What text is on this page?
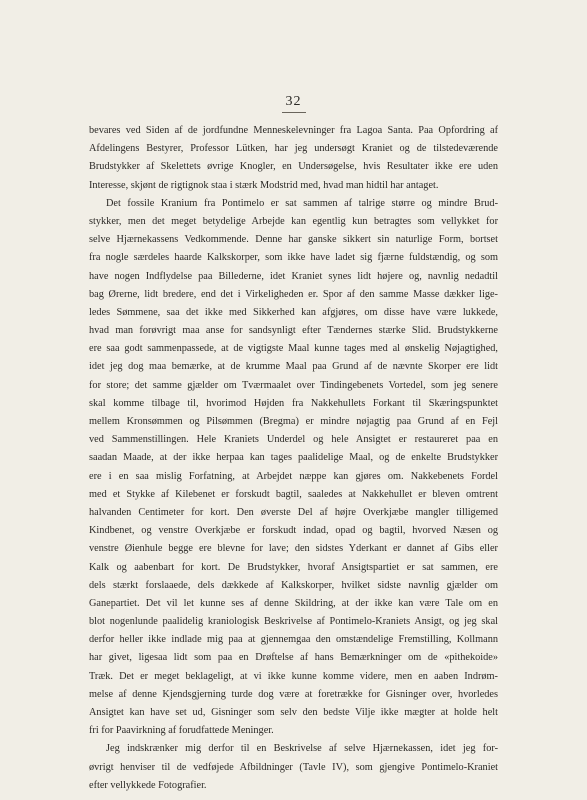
32
bevares ved Siden af de jordfundne Menneskelevninger fra Lagoa Santa. Paa Opfordring af
Afdelingens Bestyrer, Professor Lütken, har jeg undersøgt Kraniet og de tilstedeværende
Brudstykker af Skelettets øvrige Knogler, en Undersøgelse, hvis Resultater ikke ere uden
Interesse, skjønt de rigtignok staa i stærk Modstrid med, hvad man hidtil har antaget.
Det fossile Kranium fra Pontimelo er sat sammen af talrige større og mindre Brud-
stykker, men det meget betydelige Arbejde kan egentlig kun betragtes som vellykket for
selve Hjærnekassens Vedkommende. Denne har ganske sikkert sin naturlige Form, bortset
fra nogle særdeles haarde Kalkskorper, som ikke have ladet sig fjærne fuldstændig, og som
have nogen Indflydelse paa Billederne, idet Kraniet synes lidt højere og, navnlig nedadtil
bag Ørerne, lidt bredere, end det i Virkeligheden er. Spor af den samme Masse dækker lige-
ledes Sømmene, saa det ikke med Sikkerhed kan afgjøres, om disse have være lukkede,
hvad man forøvrigt maa anse for sandsynligt efter Tændernes stærke Slid. Brudstykkerne
ere saa godt sammenpassede, at de vigtigste Maal kunne tages med al ønskelig Nøjagtighed,
idet jeg dog maa bemærke, at de krumme Maal paa Grund af de nævnte Skorper ere lidt
for store; det samme gjælder om Tværmaalet over Tindingebenets Vortedel, som jeg senere
skal komme tilbage til, hvorimod Højden fra Nakkehullets Forkant til Skæringspunktet
mellem Kronsømmen og Pilsømmen (Bregma) er mindre nøjagtig paa Grund af en Fejl
ved Sammenstillingen. Hele Kraniets Underdel og hele Ansigtet er restaureret paa en
saadan Maade, at der ikke herpaa kan tages paalidelige Maal, og de enkelte Brudstykker
ere i en saa mislig Forfatning, at Arbejdet næppe kan gjøres om. Nakkebenets Fordel
med et Stykke af Kilebenet er forskudt bagtil, saaledes at Nakkehullet er bleven omtrent
halvanden Centimeter for kort. Den øverste Del af højre Overkjæbe mangler tilligemed
Kindbenet, og venstre Overkjæbe er forskudt indad, opad og bagtil, hvorved Næsen og
venstre Øienhule begge ere blevne for lave; den sidstes Yderkant er dannet af Gibs eller
Kalk og aabenbart for kort. De Brudstykker, hvoraf Ansigtspartiet er sat sammen, ere
dels stærkt forslaaede, dels dækkede af Kalkskorper, hvilket sidste navnlig gjælder om
Ganepartiet. Det vil let kunne ses af denne Skildring, at der ikke kan være Tale om en
blot nogenlunde paalidelig kraniologisk Beskrivelse af Pontimelo-Kraniets Ansigt, og jeg skal
derfor heller ikke indlade mig paa at gjennemgaa den omstændelige Fremstilling, Kollmann
har givet, ligesaa lidt som paa en Drøftelse af hans Bemærkninger om de «pithekoide»
Træk. Det er meget beklageligt, at vi ikke kunne komme videre, men en aaben Indrøm-
melse af denne Kjendsgjerning turde dog være at foretrække for Gisninger over, hvorledes
Ansigtet kan have set ud, Gisninger som selv den bedste Vilje ikke mægter at holde helt
fri for Paavirkning af forudfattede Meninger.
Jeg indskrænker mig derfor til en Beskrivelse af selve Hjærnekassen, idet jeg for-
øvrigt henviser til de vedføjede Afbildninger (Tavle IV), som gjengive Pontimelo-Kraniet
efter vellykkede Fotografier.
